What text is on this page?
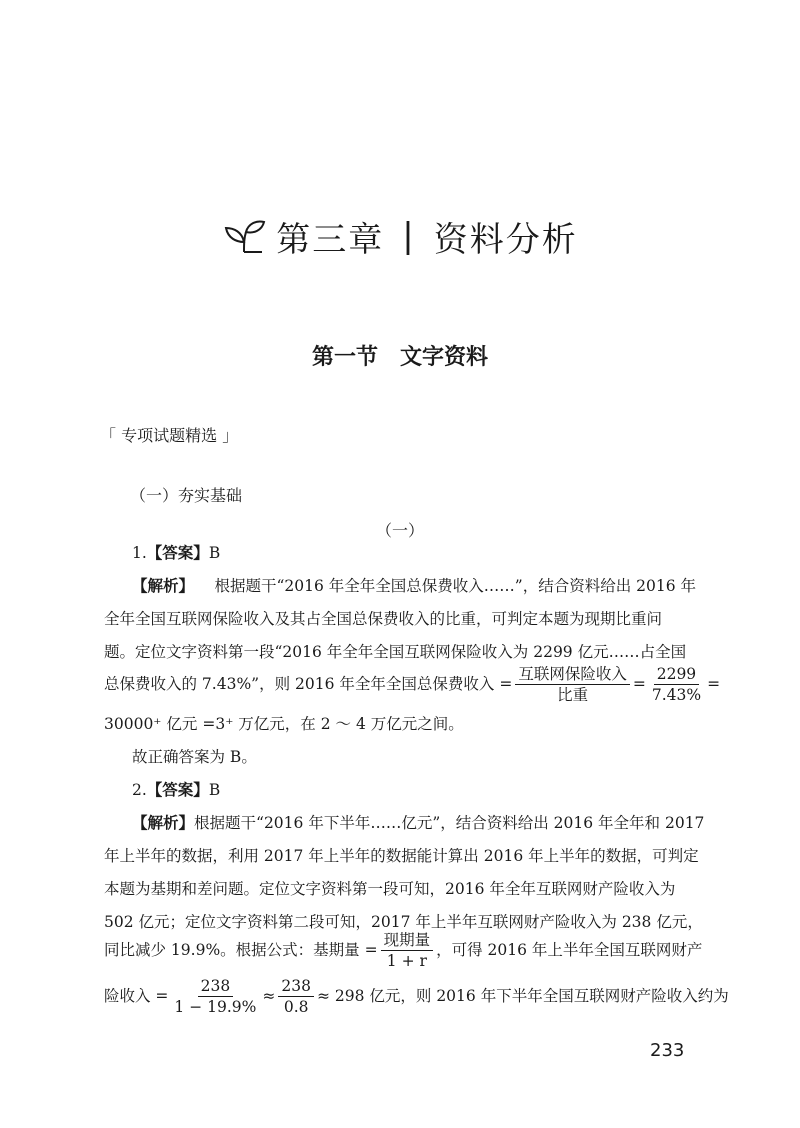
第三章 | 资料分析
第一节　文字资料
「 专项试题精选 」
（一）夯实基础
（一）
1.【答案】B
【解析】 根据题干“2016 年全年全国总保费收入……”，结合资料给出 2016 年
全年全国互联网保险收入及其占全国总保费收入的比重，可判定本题为现期比重问
题。定位文字资料第一段“2016 年全年全国互联网保险收入为 2299 亿元……占全国
总保费收入的 7.43%”，则 2016 年全年全国总保费收入 = $\frac{\text{互联网保险收入}}{\text{比重}} = \frac{2299}{7.43\%}$ =
30000⁺ 亿元 =3⁺ 万亿元，在 2 ～ 4 万亿元之间。
故正确答案为 B。
2.【答案】B
【解析】 根据题干“2016 年下半年……亿元”，结合资料给出 2016 年全年和 2017
年上半年的数据，利用 2017 年上半年的数据能计算出 2016 年上半年的数据，可判定
本题为基期和差问题。定位文字资料第一段可知，2016 年全年互联网财产险收入为
502 亿元；定位文字资料第二段可知，2017 年上半年互联网财产险收入为 238 亿元，
同比减少 19.9%。根据公式：基期量 = $\frac{\text{现期量}}{1 + r}$ ，可得 2016 年上半年全国互联网财产
险收入 = $\frac{238}{1 - 19.9\%} \approx \frac{238}{0.8} \approx 298$ 亿元，则 2016 年下半年全国互联网财产险收入约为
233
